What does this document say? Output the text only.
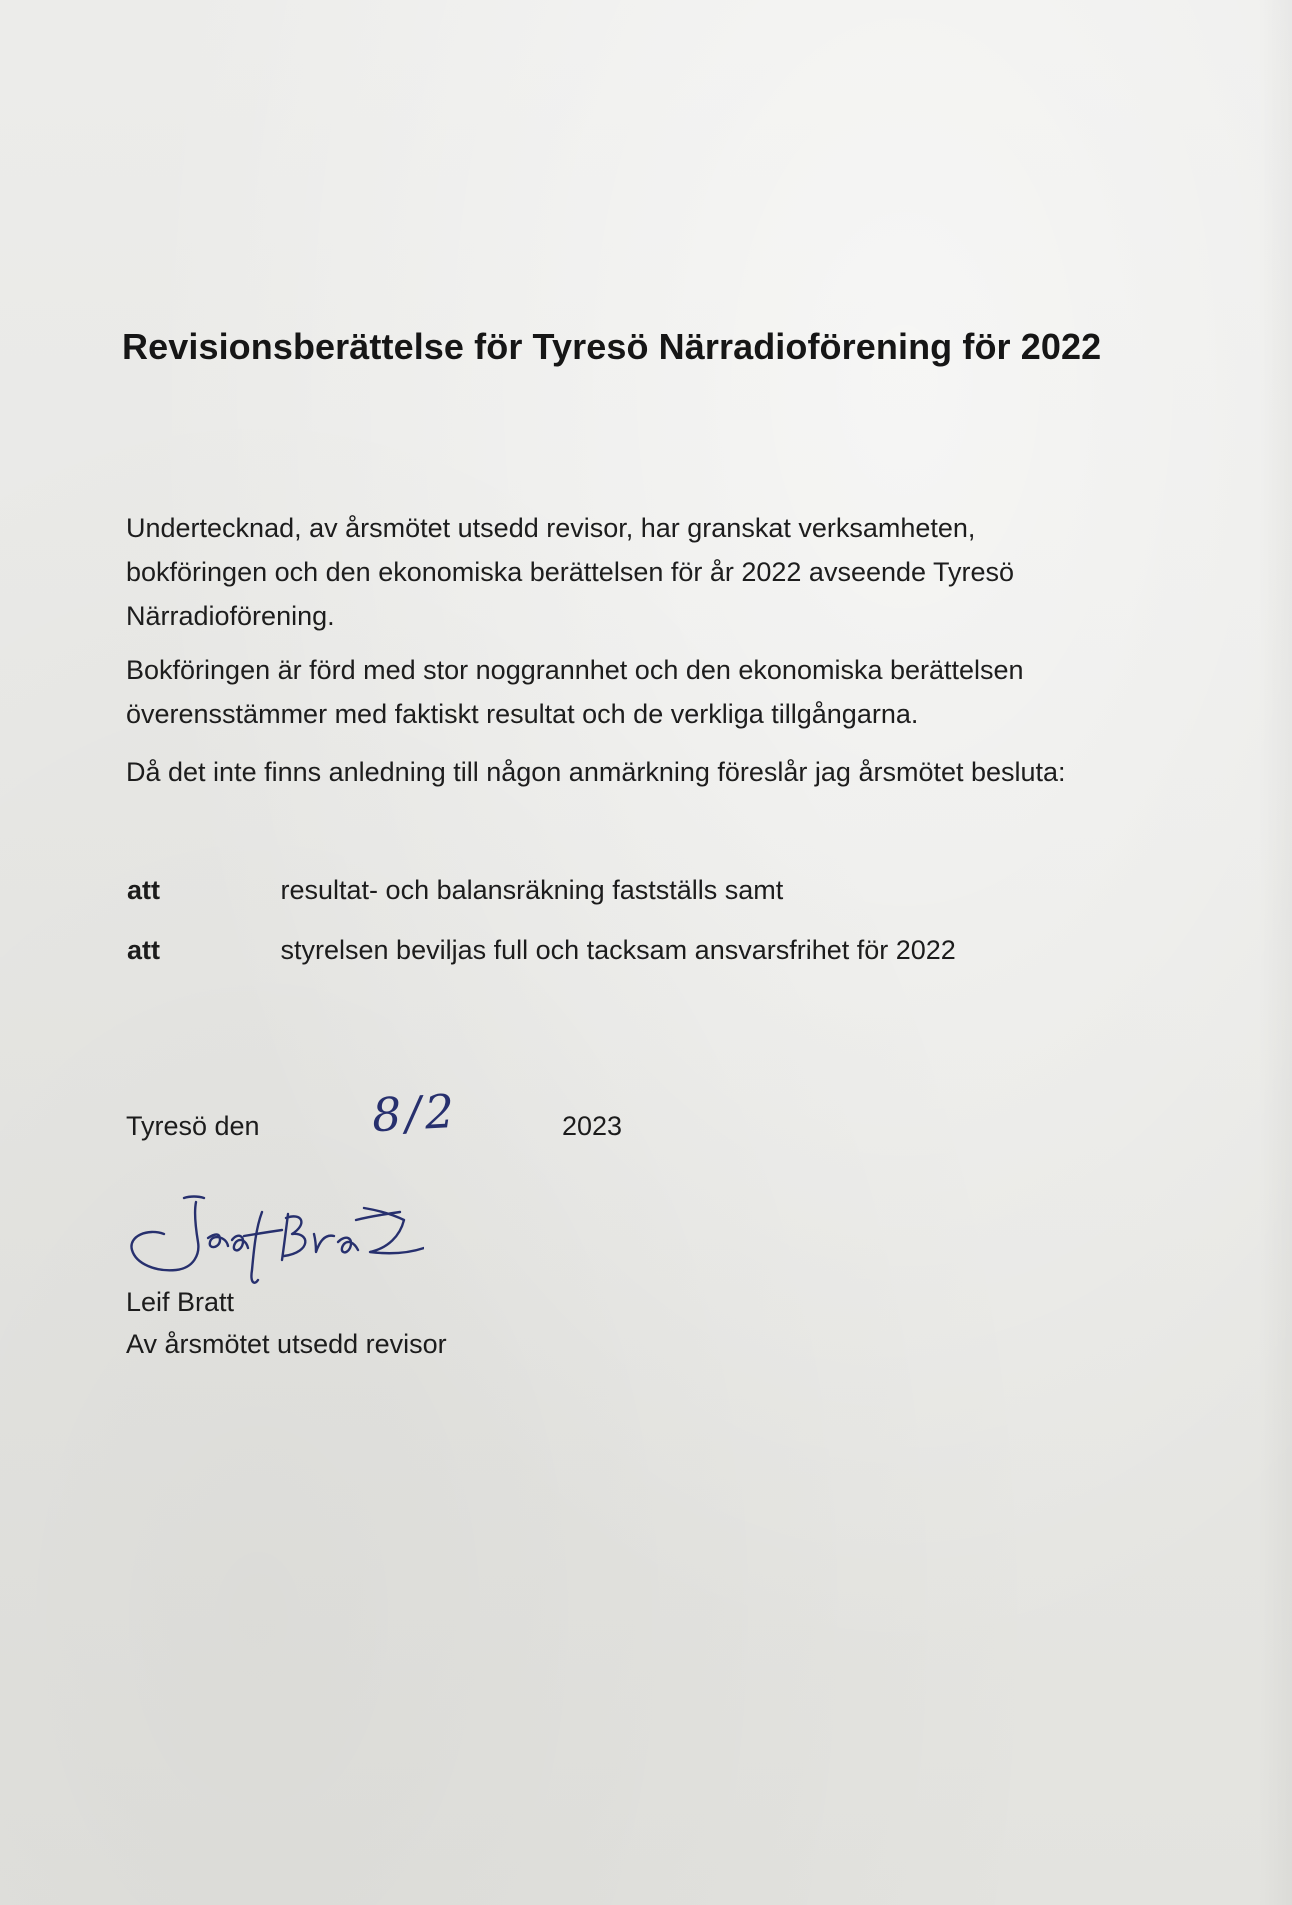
Revisionsberättelse för Tyresö Närradioförening för 2022
Undertecknad, av årsmötet utsedd revisor, har granskat verksamheten,
bokföringen och den ekonomiska berättelsen för år 2022 avseende Tyresö
Närradioförening.
Bokföringen är förd med stor noggrannhet och den ekonomiska berättelsen
överensstämmer med faktiskt resultat och de verkliga tillgångarna.
Då det inte finns anledning till någon anmärkning föreslår jag årsmötet besluta:
att	resultat- och balansräkning fastställs samt
att	styrelsen beviljas full och tacksam ansvarsfrihet för 2022
Tyresö den 8/2	2023
Leif Bratt
Av årsmötet utsedd revisor
